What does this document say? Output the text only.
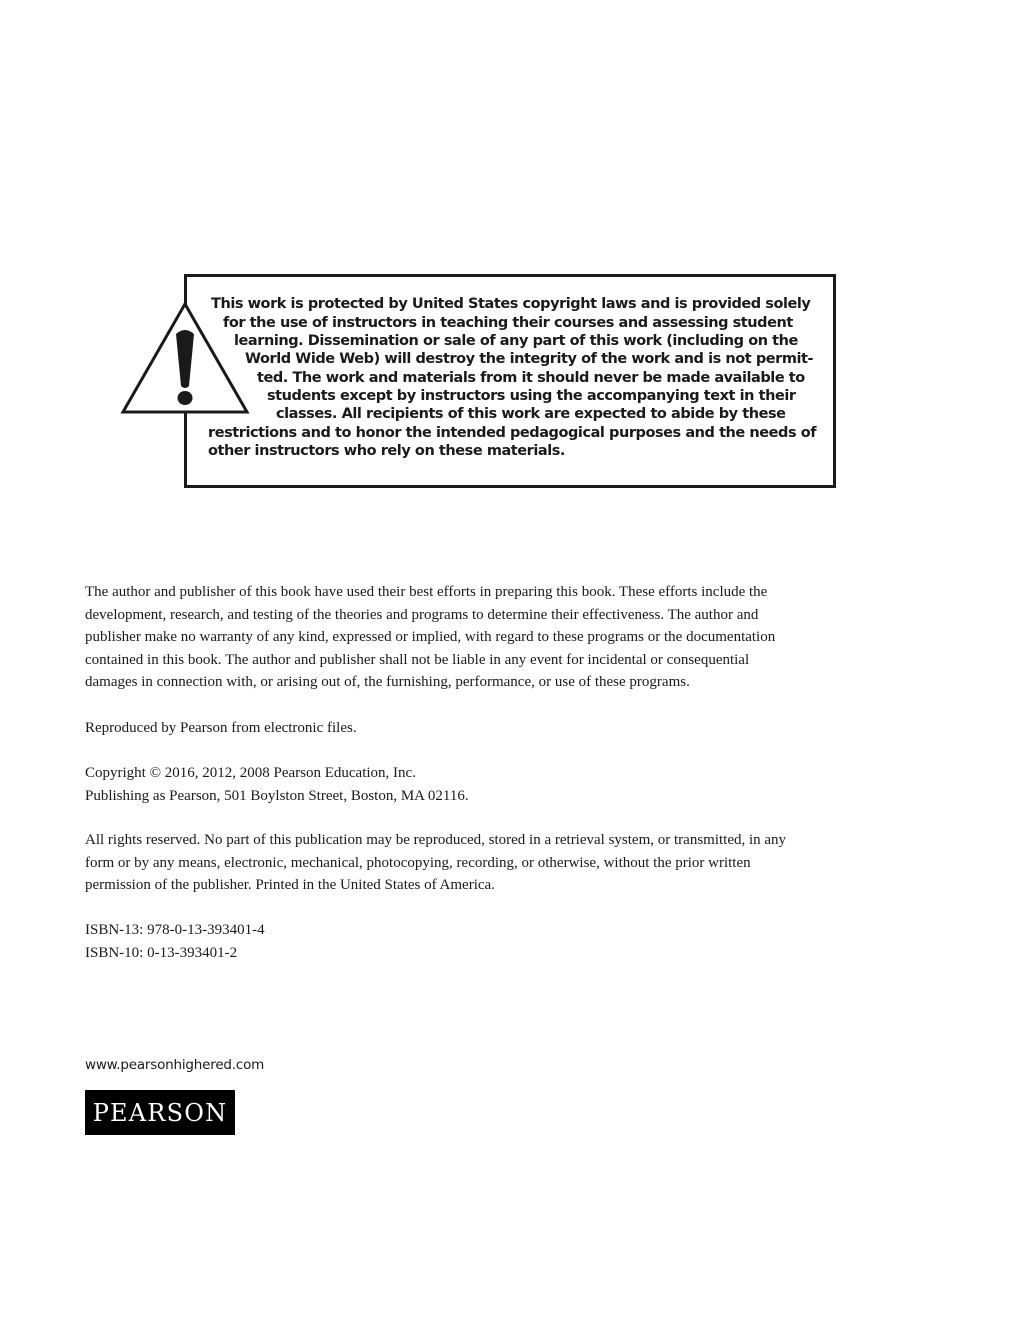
This work is protected by United States copyright laws and is provided solely
for the use of instructors in teaching their courses and assessing student
learning. Dissemination or sale of any part of this work (including on the
World Wide Web) will destroy the integrity of the work and is not permit-
ted. The work and materials from it should never be made available to
students except by instructors using the accompanying text in their
classes. All recipients of this work are expected to abide by these
restrictions and to honor the intended pedagogical purposes and the needs of
other instructors who rely on these materials.
The author and publisher of this book have used their best efforts in preparing this book. These efforts include the
development, research, and testing of the theories and programs to determine their effectiveness. The author and
publisher make no warranty of any kind, expressed or implied, with regard to these programs or the documentation
contained in this book. The author and publisher shall not be liable in any event for incidental or consequential
damages in connection with, or arising out of, the furnishing, performance, or use of these programs.
Reproduced by Pearson from electronic files.
Copyright © 2016, 2012, 2008 Pearson Education, Inc.
Publishing as Pearson, 501 Boylston Street, Boston, MA 02116.
All rights reserved. No part of this publication may be reproduced, stored in a retrieval system, or transmitted, in any
form or by any means, electronic, mechanical, photocopying, recording, or otherwise, without the prior written
permission of the publisher. Printed in the United States of America.
ISBN-13: 978-0-13-393401-4
ISBN-10: 0-13-393401-2
www.pearsonhighered.com
PEARSON
